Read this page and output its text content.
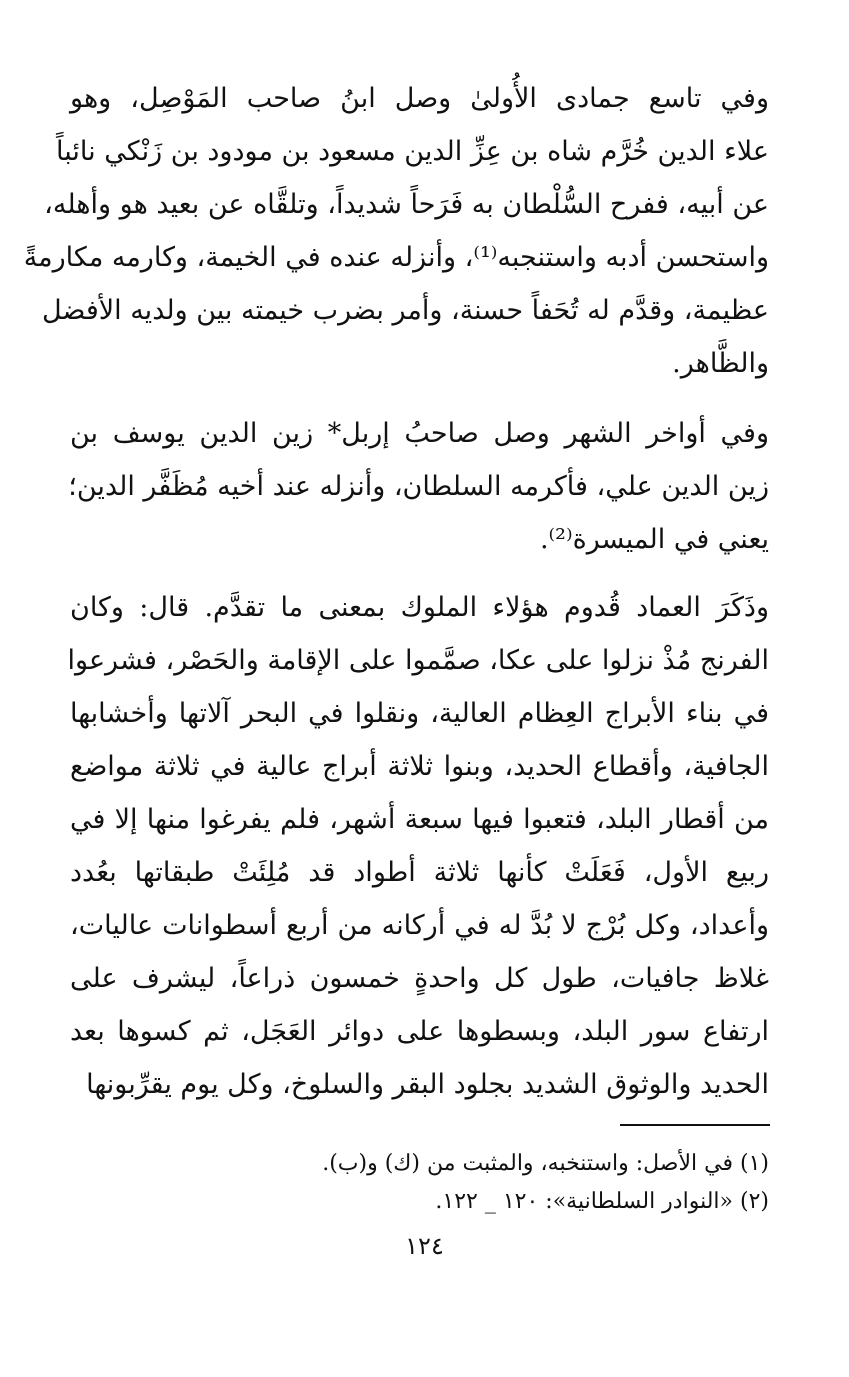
وفي تاسع جمادى الأُولىٰ وصل ابنُ صاحب المَوْصِل، وهو
علاء الدين خُرَّم شاه بن عِزِّ الدين مسعود بن مودود بن زَنْكي نائباً
عن أبيه، ففرح السُّلْطان به فَرَحاً شديداً، وتلقَّاه عن بعيد هو وأهله،
واستحسن أدبه واستنجبه⁽¹⁾، وأنزله عنده في الخيمة، وكارمه مكارمةً
عظيمة، وقدَّم له تُحَفاً حسنة، وأمر بضرب خيمته بين ولديه الأفضل
والظَّاهر.
وفي أواخر الشهر وصل صاحبُ إربل* زين الدين يوسف بن
زين الدين علي، فأكرمه السلطان، وأنزله عند أخيه مُظَفَّر الدين؛
يعني في الميسرة⁽²⁾.
وذَكَرَ العماد قُدوم هؤلاء الملوك بمعنى ما تقدَّم. قال: وكان
الفرنج مُذْ نزلوا على عكا، صمَّموا على الإقامة والحَصْر، فشرعوا
في بناء الأبراج العِظام العالية، ونقلوا في البحر آلاتها وأخشابها
الجافية، وأقطاع الحديد، وبنوا ثلاثة أبراج عالية في ثلاثة مواضع
من أقطار البلد، فتعبوا فيها سبعة أشهر، فلم يفرغوا منها إلا في
ربيع الأول، فَعَلَتْ كأنها ثلاثة أطواد قد مُلِئَتْ طبقاتها بعُدد
وأعداد، وكل بُرْج لا بُدَّ له في أركانه من أربع أسطوانات عاليات،
غلاظ جافيات، طول كل واحدةٍ خمسون ذراعاً، ليشرف على
ارتفاع سور البلد، وبسطوها على دوائر العَجَل، ثم كسوها بعد
الحديد والوثوق الشديد بجلود البقر والسلوخ، وكل يوم يقرِّبونها
(١) في الأصل: واستنخبه، والمثبت من (ك) و(ب).
(٢) «النوادر السلطانية»: ١٢٠ _ ١٢٢.
١٢٤
